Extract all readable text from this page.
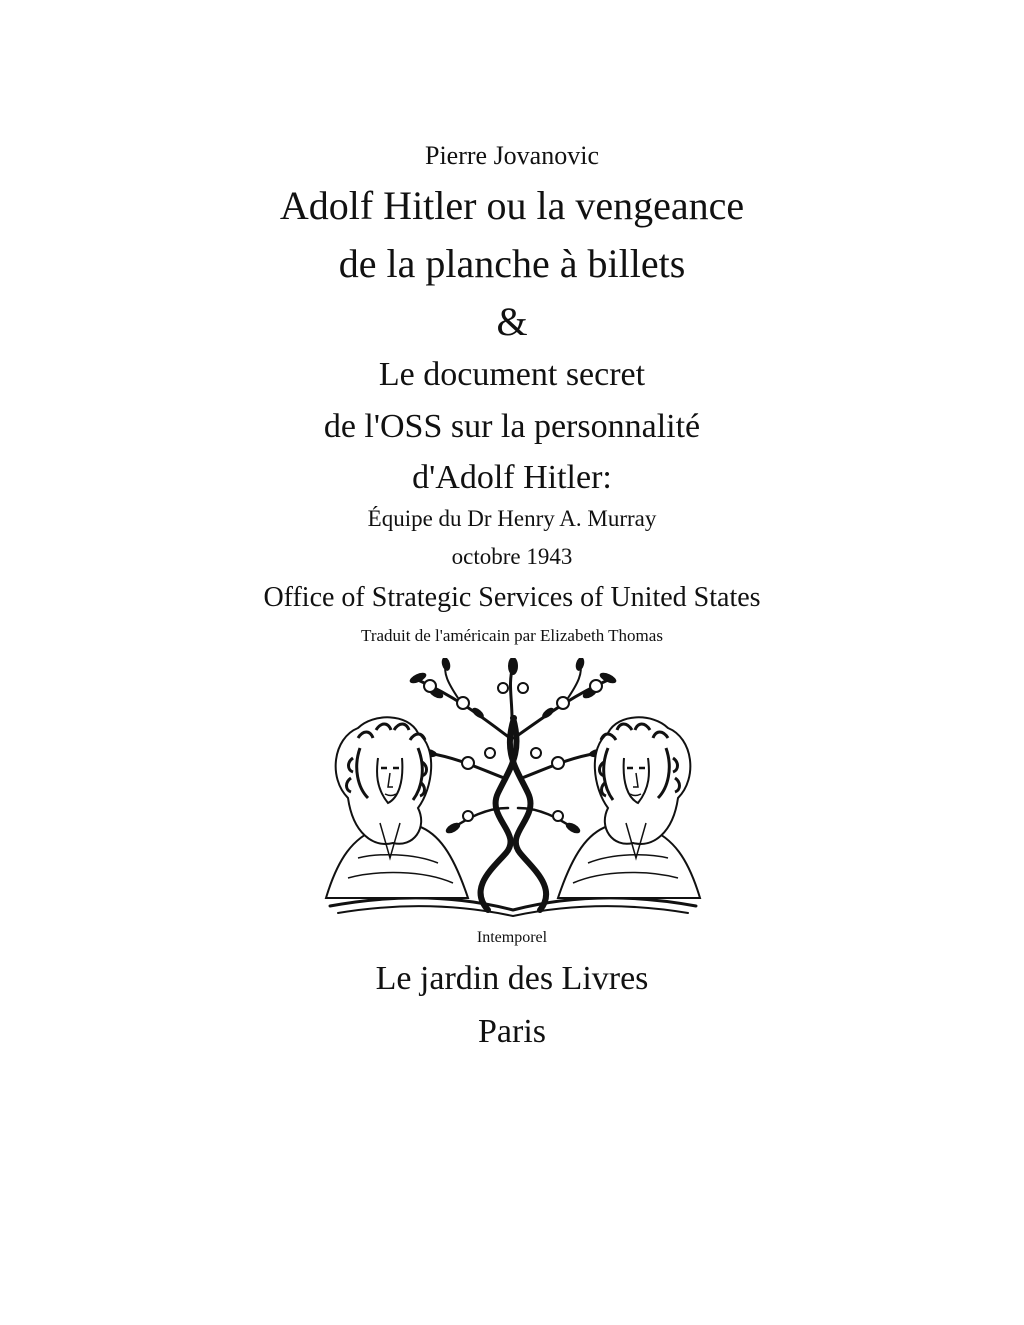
Pierre Jovanovic
Adolf Hitler ou la vengeance
de la planche à billets
&
Le document secret
de l'OSS sur la personnalité
d'Adolf Hitler:
Équipe du Dr Henry A. Murray
octobre 1943
Office of Strategic Services of United States
Traduit de l'américain par Elizabeth Thomas
Intemporel
Le jardin des Livres
Paris
